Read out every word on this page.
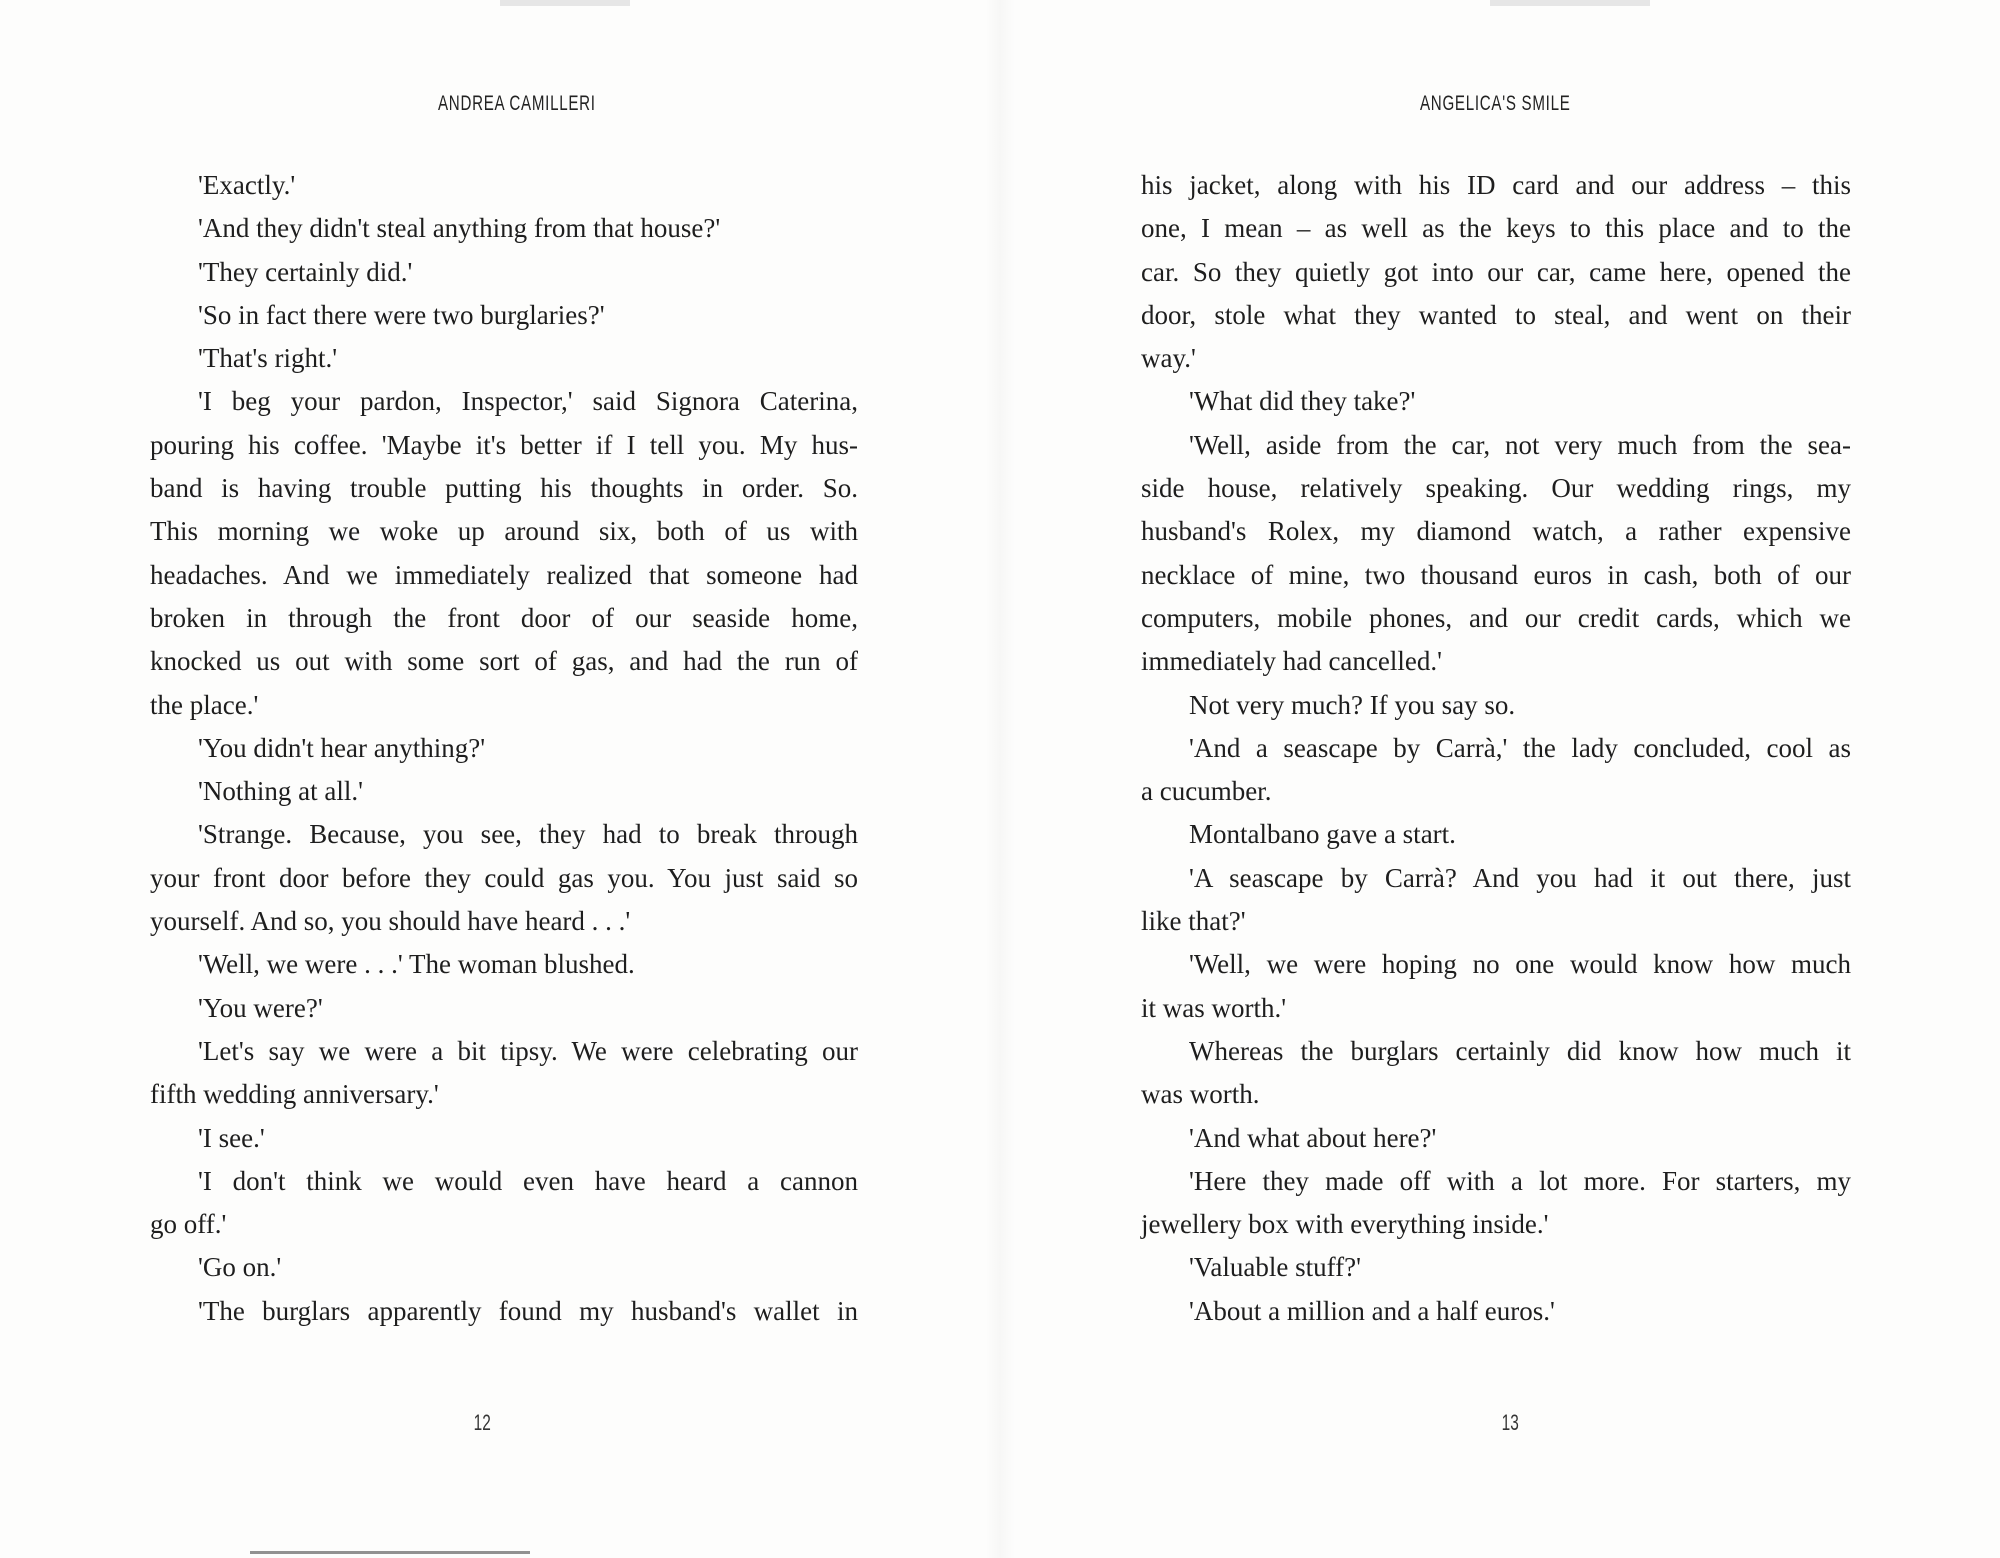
ANDREA CAMILLERI
'Exactly.'
'And they didn't steal anything from that house?'
'They certainly did.'
'So in fact there were two burglaries?'
'That's right.'
'I beg your pardon, Inspector,' said Signora Caterina,
pouring his coffee. 'Maybe it's better if I tell you. My hus-
band is having trouble putting his thoughts in order. So.
This morning we woke up around six, both of us with
headaches. And we immediately realized that someone had
broken in through the front door of our seaside home,
knocked us out with some sort of gas, and had the run of
the place.'
'You didn't hear anything?'
'Nothing at all.'
'Strange. Because, you see, they had to break through
your front door before they could gas you. You just said so
yourself. And so, you should have heard . . .'
'Well, we were . . .' The woman blushed.
'You were?'
'Let's say we were a bit tipsy. We were celebrating our
fifth wedding anniversary.'
'I see.'
'I don't think we would even have heard a cannon
go off.'
'Go on.'
'The burglars apparently found my husband's wallet in
12
ANGELICA'S SMILE
his jacket, along with his ID card and our address – this
one, I mean – as well as the keys to this place and to the
car. So they quietly got into our car, came here, opened the
door, stole what they wanted to steal, and went on their
way.'
'What did they take?'
'Well, aside from the car, not very much from the sea-
side house, relatively speaking. Our wedding rings, my
husband's Rolex, my diamond watch, a rather expensive
necklace of mine, two thousand euros in cash, both of our
computers, mobile phones, and our credit cards, which we
immediately had cancelled.'
Not very much? If you say so.
'And a seascape by Carrà,' the lady concluded, cool as
a cucumber.
Montalbano gave a start.
'A seascape by Carrà? And you had it out there, just
like that?'
'Well, we were hoping no one would know how much
it was worth.'
Whereas the burglars certainly did know how much it
was worth.
'And what about here?'
'Here they made off with a lot more. For starters, my
jewellery box with everything inside.'
'Valuable stuff?'
'About a million and a half euros.'
13
